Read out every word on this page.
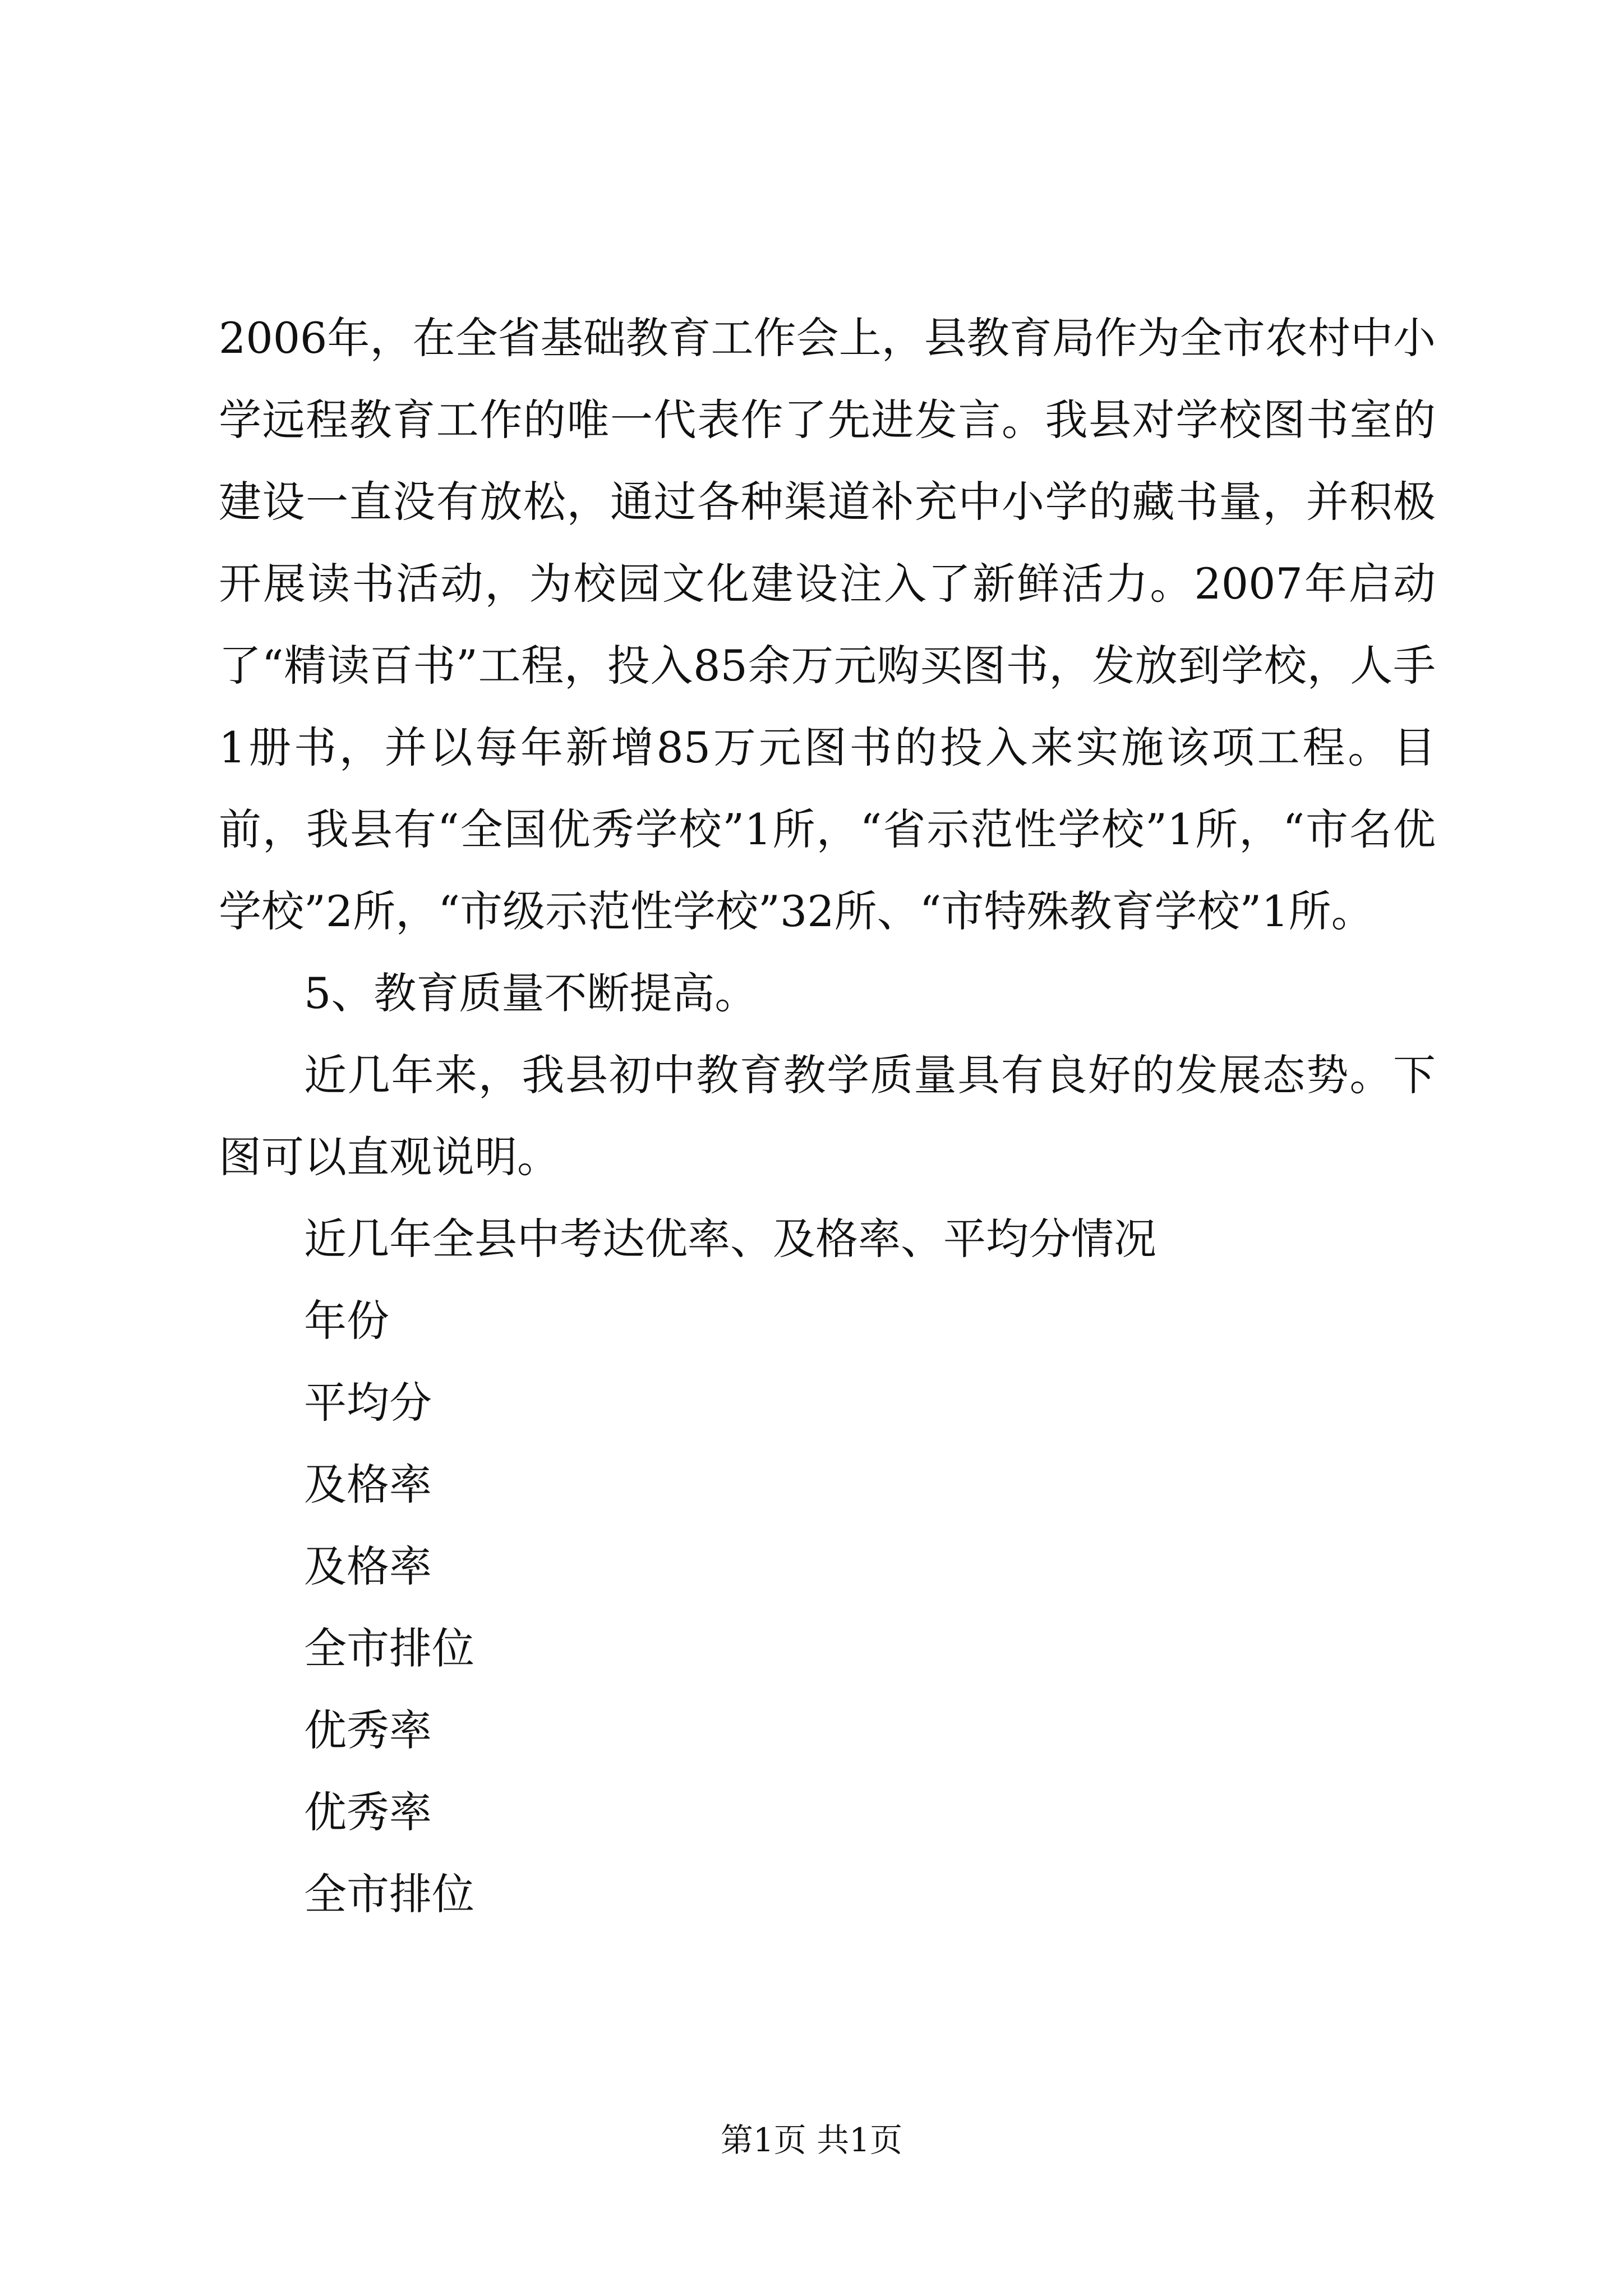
2006年，在全省基础教育工作会上，县教育局作为全市农村中小学远程教育工作的唯一代表作了先进发言。我县对学校图书室的建设一直没有放松，通过各种渠道补充中小学的藏书量，并积极开展读书活动，为校园文化建设注入了新鲜活力。2007年启动了“精读百书”工程，投入85余万元购买图书，发放到学校，人手1册书，并以每年新增85万元图书的投入来实施该项工程。目前，我县有“全国优秀学校”1所，“省示范性学校”1所，“市名优学校”2所，“市级示范性学校”32所、“市特殊教育学校”1所。

5、教育质量不断提高。

近几年来，我县初中教育教学质量具有良好的发展态势。下图可以直观说明。

近几年全县中考达优率、及格率、平均分情况

年份

平均分

及格率

及格率

全市排位

优秀率

优秀率

全市排位

第1页 共1页
